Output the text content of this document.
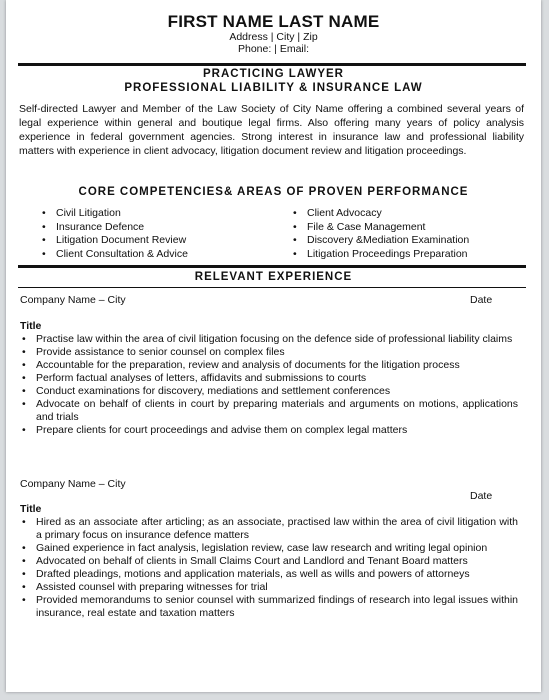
FIRST NAME LAST NAME
Address | City | Zip
Phone: | Email:
PRACTICING LAWYER
PROFESSIONAL LIABILITY & INSURANCE LAW

Self-directed Lawyer and Member of the Law Society of City Name offering a combined several years of legal experience within general and boutique legal firms. Also offering many years of policy analysis experience in federal government agencies. Strong interest in insurance law and professional liability matters with experience in client advocacy, litigation document review and litigation proceedings.

CORE COMPETENCIES& AREAS OF PROVEN PERFORMANCE
• Civil Litigation
• Insurance Defence
• Litigation Document Review
• Client Consultation & Advice
• Client Advocacy
• File & Case Management
• Discovery &Mediation Examination
• Litigation Proceedings Preparation
RELEVANT EXPERIENCE
Company Name – City	Date
Title
• Practise law within the area of civil litigation focusing on the defence side of professional liability claims
• Provide assistance to senior counsel on complex files
• Accountable for the preparation, review and analysis of documents for the litigation process
• Perform factual analyses of letters, affidavits and submissions to courts
• Conduct examinations for discovery, mediations and settlement conferences
• Advocate on behalf of clients in court by preparing materials and arguments on motions, applications and trials
• Prepare clients for court proceedings and advise them on complex legal matters
Company Name – City
Date
Title
• Hired as an associate after articling; as an associate, practised law within the area of civil litigation with a primary focus on insurance defence matters
• Gained experience in fact analysis, legislation review, case law research and writing legal opinion
• Advocated on behalf of clients in Small Claims Court and Landlord and Tenant Board matters
• Drafted pleadings, motions and application materials, as well as wills and powers of attorneys
• Assisted counsel with preparing witnesses for trial
• Provided memorandums to senior counsel with summarized findings of research into legal issues within insurance, real estate and taxation matters
